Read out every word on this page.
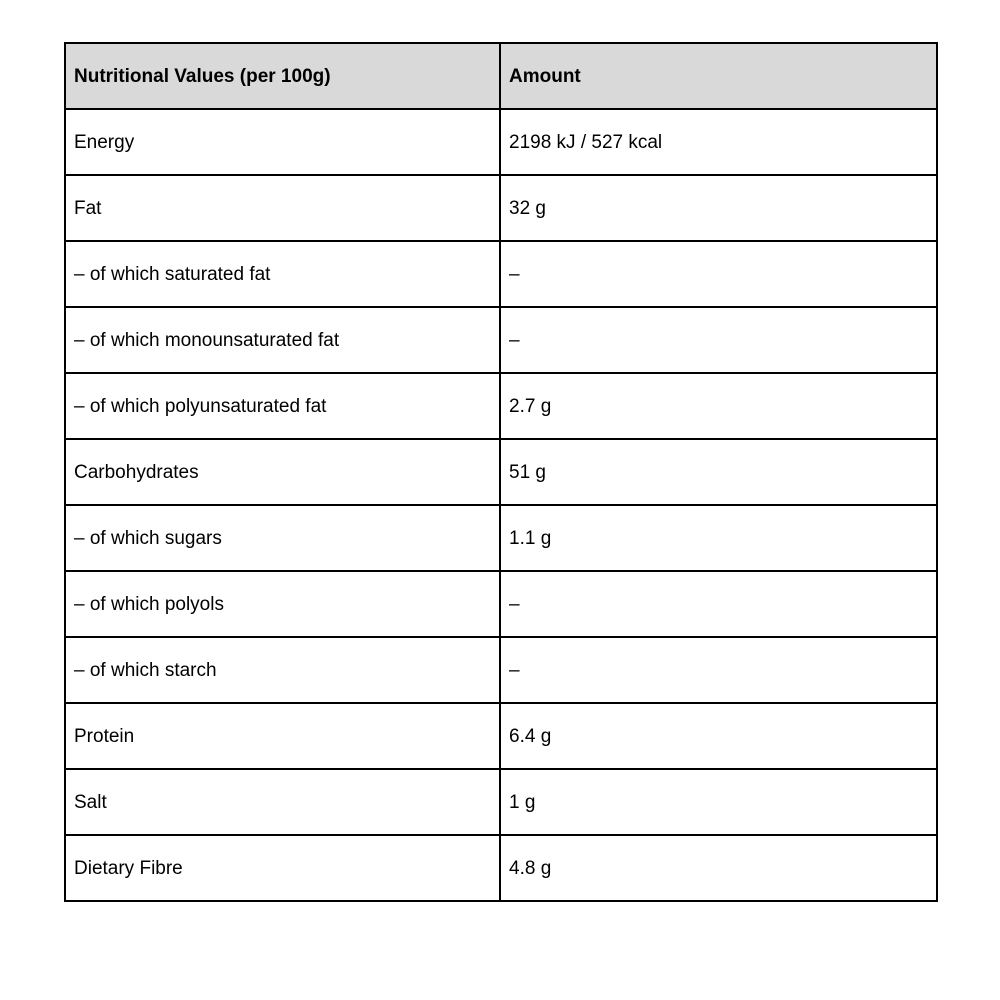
Nutritional Values (per 100g)	Amount
Energy	2198 kJ / 527 kcal
Fat	32 g
– of which saturated fat	–
– of which monounsaturated fat	–
– of which polyunsaturated fat	2.7 g
Carbohydrates	51 g
– of which sugars	1.1 g
– of which polyols	–
– of which starch	–
Protein	6.4 g
Salt	1 g
Dietary Fibre	4.8 g
